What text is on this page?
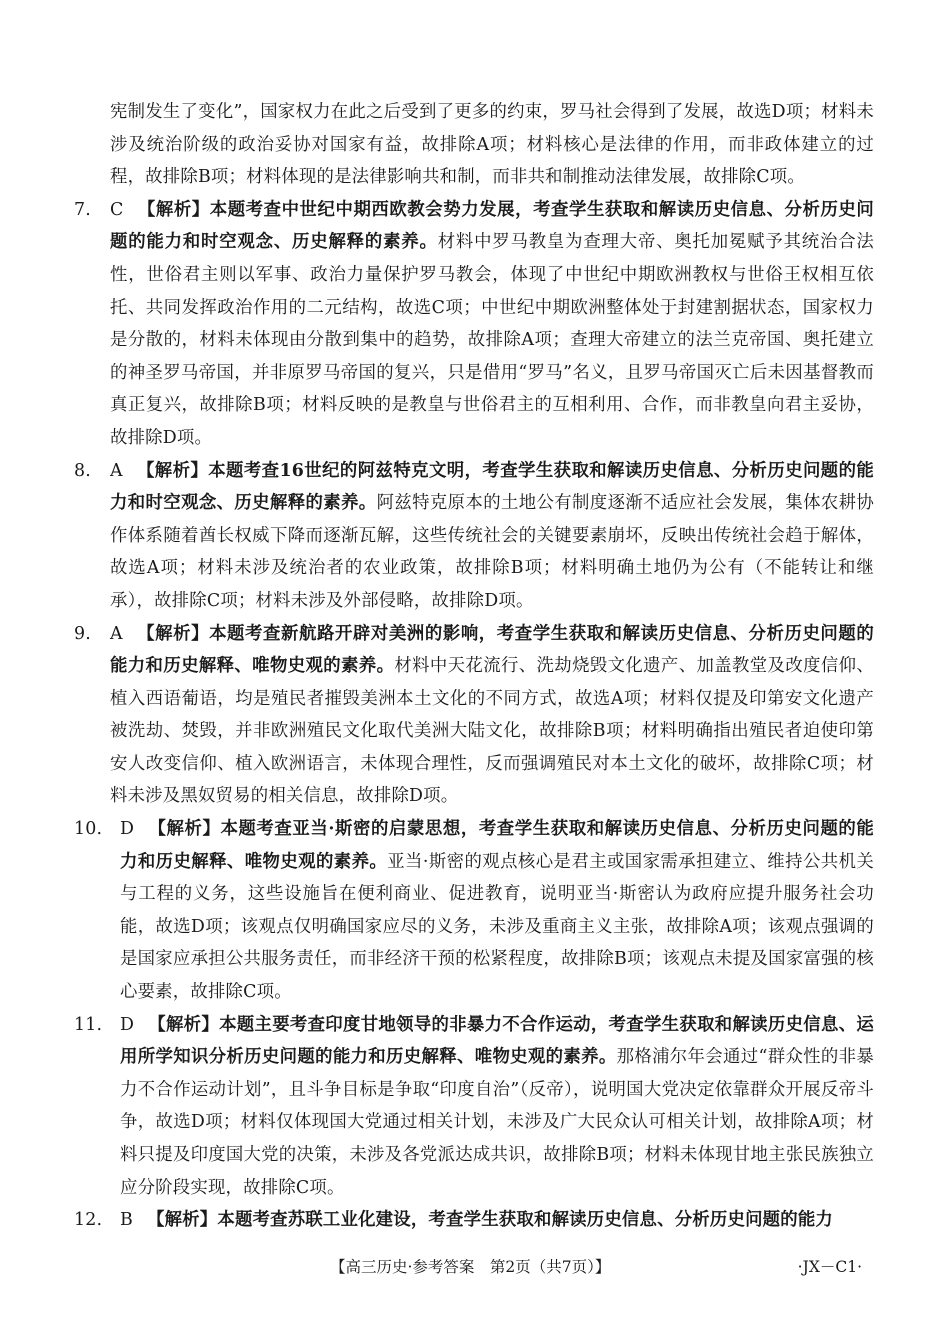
宪制发生了变化”，国家权力在此之后受到了更多的约束，罗马社会得到了发展，故选D项；材料未涉及统治阶级的政治妥协对国家有益，故排除A项；材料核心是法律的作用，而非政体建立的过程，故排除B项；材料体现的是法律影响共和制，而非共和制推动法律发展，故排除C项。

7. C 【解析】本题考查中世纪中期西欧教会势力发展，考查学生获取和解读历史信息、分析历史问题的能力和时空观念、历史解释的素养。材料中罗马教皇为查理大帝、奥托加冕赋予其统治合法性，世俗君主则以军事、政治力量保护罗马教会，体现了中世纪中期欧洲教权与世俗王权相互依托、共同发挥政治作用的二元结构，故选C项；中世纪中期欧洲整体处于封建割据状态，国家权力是分散的，材料未体现由分散到集中的趋势，故排除A项；查理大帝建立的法兰克帝国、奥托建立的神圣罗马帝国，并非原罗马帝国的复兴，只是借用“罗马”名义，且罗马帝国灭亡后未因基督教而真正复兴，故排除B项；材料反映的是教皇与世俗君主的互相利用、合作，而非教皇向君主妥协，故排除D项。

8. A 【解析】本题考查16世纪的阿兹特克文明，考查学生获取和解读历史信息、分析历史问题的能力和时空观念、历史解释的素养。阿兹特克原本的土地公有制度逐渐不适应社会发展，集体农耕协作体系随着酋长权威下降而逐渐瓦解，这些传统社会的关键要素崩坏，反映出传统社会趋于解体，故选A项；材料未涉及统治者的农业政策，故排除B项；材料明确土地仍为公有（不能转让和继承），故排除C项；材料未涉及外部侵略，故排除D项。

9. A 【解析】本题考查新航路开辟对美洲的影响，考查学生获取和解读历史信息、分析历史问题的能力和历史解释、唯物史观的素养。材料中天花流行、洗劫烧毁文化遗产、加盖教堂及改度信仰、植入西语葡语，均是殖民者摧毁美洲本土文化的不同方式，故选A项；材料仅提及印第安文化遗产被洗劫、焚毁，并非欧洲殖民文化取代美洲大陆文化，故排除B项；材料明确指出殖民者迫使印第安人改变信仰、植入欧洲语言，未体现合理性，反而强调殖民对本土文化的破坏，故排除C项；材料未涉及黑奴贸易的相关信息，故排除D项。

10. D 【解析】本题考查亚当·斯密的启蒙思想，考查学生获取和解读历史信息、分析历史问题的能力和历史解释、唯物史观的素养。亚当·斯密的观点核心是君主或国家需承担建立、维持公共机关与工程的义务，这些设施旨在便利商业、促进教育，说明亚当·斯密认为政府应提升服务社会功能，故选D项；该观点仅明确国家应尽的义务，未涉及重商主义主张，故排除A项；该观点强调的是国家应承担公共服务责任，而非经济干预的松紧程度，故排除B项；该观点未提及国家富强的核心要素，故排除C项。

11. D 【解析】本题主要考查印度甘地领导的非暴力不合作运动，考查学生获取和解读历史信息、运用所学知识分析历史问题的能力和历史解释、唯物史观的素养。那格浦尔年会通过“群众性的非暴力不合作运动计划”，且斗争目标是争取“印度自治”（反帝），说明国大党决定依靠群众开展反帝斗争，故选D项；材料仅体现国大党通过相关计划，未涉及广大民众认可相关计划，故排除A项；材料只提及印度国大党的决策，未涉及各党派达成共识，故排除B项；材料未体现甘地主张民族独立应分阶段实现，故排除C项。

12. B 【解析】本题考查苏联工业化建设，考查学生获取和解读历史信息、分析历史问题的能力

【高三历史·参考答案　第2页（共7页）】	·JX－C1·
